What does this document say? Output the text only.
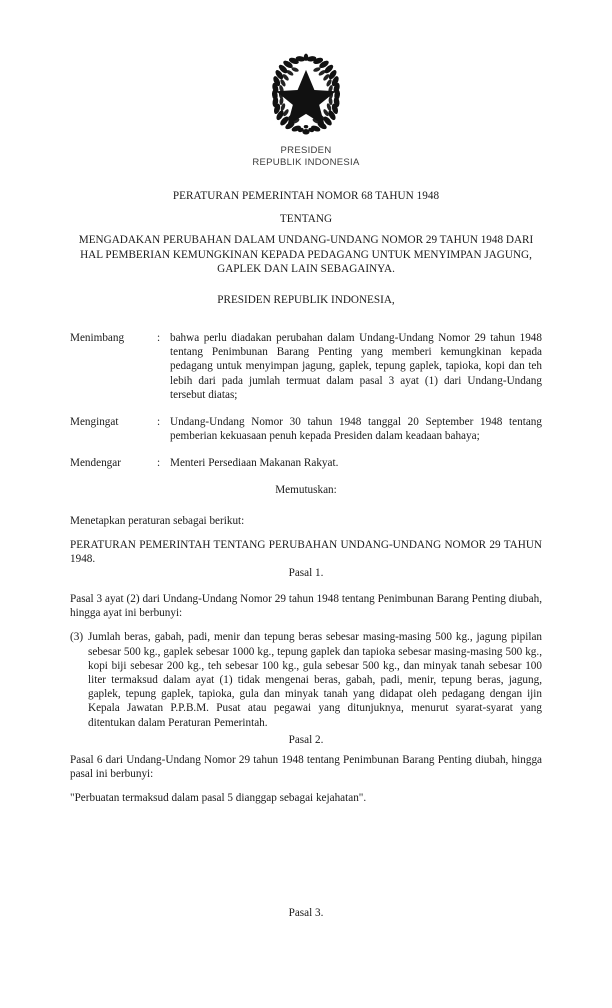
PRESIDEN
REPUBLIK INDONESIA
PERATURAN PEMERINTAH NOMOR 68 TAHUN 1948
TENTANG
MENGADAKAN PERUBAHAN DALAM UNDANG-UNDANG NOMOR 29 TAHUN 1948 DARI HAL PEMBERIAN KEMUNGKINAN KEPADA PEDAGANG UNTUK MENYIMPAN JAGUNG, GAPLEK DAN LAIN SEBAGAINYA.
PRESIDEN REPUBLIK INDONESIA,
Menimbang	: bahwa perlu diadakan perubahan dalam Undang-Undang Nomor 29 tahun 1948 tentang Penimbunan Barang Penting yang memberi kemungkinan kepada pedagang untuk menyimpan jagung, gaplek, tepung gaplek, tapioka, kopi dan teh lebih dari pada jumlah termuat dalam pasal 3 ayat (1) dari Undang-Undang tersebut diatas;
Mengingat	: Undang-Undang Nomor 30 tahun 1948 tanggal 20 September 1948 tentang pemberian kekuasaan penuh kepada Presiden dalam keadaan bahaya;
Mendengar	: Menteri Persediaan Makanan Rakyat.
Memutuskan:

Menetapkan peraturan sebagai berikut:

PERATURAN PEMERINTAH TENTANG PERUBAHAN UNDANG-UNDANG NOMOR 29 TAHUN 1948.

Pasal 1.

Pasal 3 ayat (2) dari Undang-Undang Nomor 29 tahun 1948 tentang Penimbunan Barang Penting diubah, hingga ayat ini berbunyi:

(3) Jumlah beras, gabah, padi, menir dan tepung beras sebesar masing-masing 500 kg., jagung pipilan sebesar 500 kg., gaplek sebesar 1000 kg., tepung gaplek dan tapioka sebesar masing-masing 500 kg., kopi biji sebesar 200 kg., teh sebesar 100 kg., gula sebesar 500 kg., dan minyak tanah sebesar 100 liter termaksud dalam ayat (1) tidak mengenai beras, gabah, padi, menir, tepung beras, jagung, gaplek, tepung gaplek, tapioka, gula dan minyak tanah yang didapat oleh pedagang dengan ijin Kepala Jawatan P.P.B.M. Pusat atau pegawai yang ditunjuknya, menurut syarat-syarat yang ditentukan dalam Peraturan Pemerintah.

Pasal 2.

Pasal 6 dari Undang-Undang Nomor 29 tahun 1948 tentang Penimbunan Barang Penting diubah, hingga pasal ini berbunyi:

"Perbuatan termaksud dalam pasal 5 dianggap sebagai kejahatan".

Pasal 3.
